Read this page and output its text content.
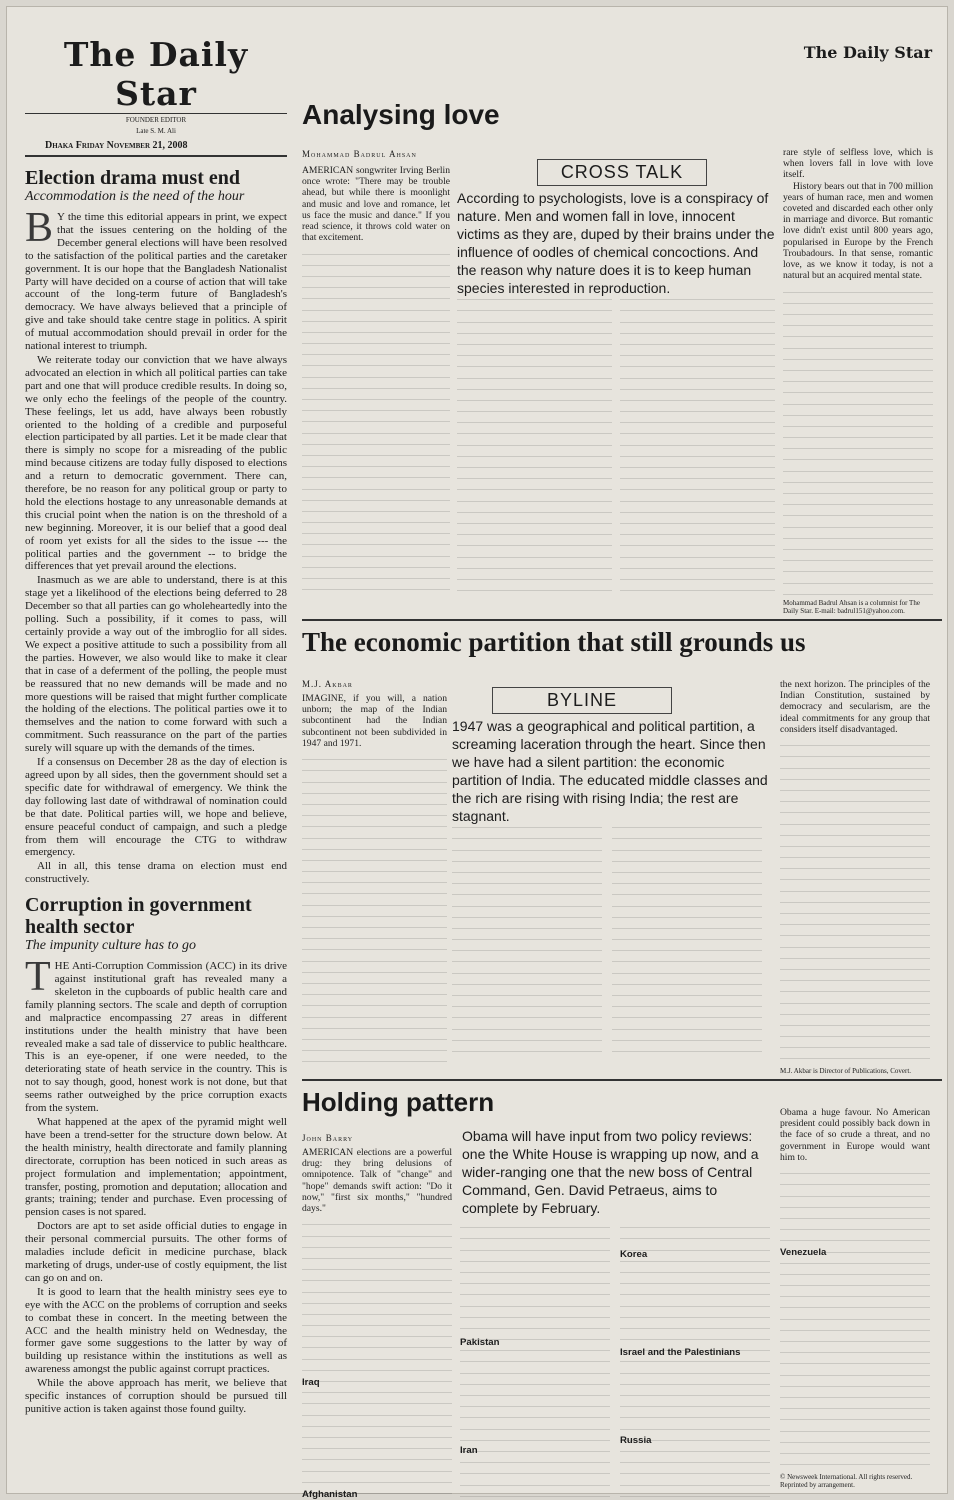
The Daily Star
FOUNDER EDITOR
Late S. M. Ali
Dhaka Friday November 21, 2008
Election drama must end
Accommodation is the need of the hour

B Y the time this editorial appears in print, we expect that the issues centering on the holding of the December general elections will have been resolved to the satisfaction of the political parties and the caretaker government. It is our hope that the Bangladesh Nationalist Party will have decided on a course of action that will take account of the long-term future of Bangladesh's democracy. We have always believed that a principle of give and take should take centre stage in politics. A spirit of mutual accommodation should prevail in order for the national interest to triumph.

We reiterate today our conviction that we have always advocated an election in which all political parties can take part and one that will produce credible results. In doing so, we only echo the feelings of the people of the country. These feelings, let us add, have always been robustly oriented to the holding of a credible and purposeful election participated by all parties. Let it be made clear that there is simply no scope for a misreading of the public mind because citizens are today fully disposed to elections and a return to democratic government. There can, therefore, be no reason for any political group or party to hold the elections hostage to any unreasonable demands at this crucial point when the nation is on the threshold of a new beginning. Moreover, it is our belief that a good deal of room yet exists for all the sides to the issue --- the political parties and the government -- to bridge the differences that yet prevail around the elections.

Inasmuch as we are able to understand, there is at this stage yet a likelihood of the elections being deferred to 28 December so that all parties can go wholeheartedly into the polling. Such a possibility, if it comes to pass, will certainly provide a way out of the imbroglio for all sides. We expect a positive attitude to such a possibility from all the parties. However, we also would like to make it clear that in case of a deferment of the polling, the people must be reassured that no new demands will be made and no more questions will be raised that might further complicate the holding of the elections. The political parties owe it to themselves and the nation to come forward with such a commitment. Such reassurance on the part of the parties surely will square up with the demands of the times.

If a consensus on December 28 as the day of election is agreed upon by all sides, then the government should set a specific date for withdrawal of emergency. We think the day following last date of withdrawal of nomination could be that date. Political parties will, we hope and believe, ensure peaceful conduct of campaign, and such a pledge from them will encourage the CTG to withdraw emergency.

All in all, this tense drama on election must end constructively.

Corruption in government health sector
The impunity culture has to go

THE Anti-Corruption Commission (ACC) in its drive against institutional graft has revealed many a skeleton in the cupboards of public health care and family planning sectors. The scale and depth of corruption and malpractice encompassing 27 areas in different institutions under the health ministry that have been revealed make a sad tale of disservice to public healthcare. This is an eye-opener, if one were needed, to the deteriorating state of heath service in the country. This is not to say though, good, honest work is not done, but that seems rather outweighed by the price corruption exacts from the system.

What happened at the apex of the pyramid might well have been a trend-setter for the structure down below. At the health ministry, health directorate and family planning directorate, corruption has been noticed in such areas as project formulation and implementation; appointment, transfer, posting, promotion and deputation; allocation and grants; training; tender and purchase. Even processing of pension cases is not spared.

Doctors are apt to set aside official duties to engage in their personal commercial pursuits. The other forms of maladies include deficit in medicine purchase, black marketing of drugs, under-use of costly equipment, the list can go on and on.

It is good to learn that the health ministry sees eye to eye with the ACC on the problems of corruption and seeks to combat these in concert. In the meeting between the ACC and the health ministry held on Wednesday, the former gave some suggestions to the latter by way of building up resistance within the institutions as well as awareness amongst the public against corrupt practices.

While the above approach has merit, we believe that specific instances of corruption should be pursued till punitive action is taken against those found guilty.

The Daily Star
Analysing love
Mohammad Badrul Ahsan
CROSS TALK
According to psychologists, love is a conspiracy of nature. Men and women fall in love, innocent victims as they are, duped by their brains under the influence of oodles of chemical concoctions. And the reason why nature does it is to keep human species interested in reproduction.
AMERICAN songwriter Irving Berlin once wrote: "There may be trouble ahead, but while there is moonlight and music and love and romance, let us face the music and dance." If you read science, it throws cold water on that excitement.
rare style of selfless love, which is when lovers fall in love with love itself.
History bears out that in 700 million years of human race, men and women coveted and discarded each other only in marriage and divorce. But romantic love didn't exist until 800 years ago, popularised in Europe by the French Troubadours. In that sense, romantic love, as we know it today, is not a natural but an acquired mental state.
Mohammad Badrul Ahsan is a columnist for The Daily Star. E-mail: badrul151@yahoo.com.
The economic partition that still grounds us
M.J. Akbar
BYLINE
1947 was a geographical and political partition, a screaming laceration through the heart. Since then we have had a silent partition: the economic partition of India. The educated middle classes and the rich are rising with rising India; the rest are stagnant.
IMAGINE, if you will, a nation unborn; the map of the Indian subcontinent had the Indian subcontinent not been subdivided in 1947 and 1971.
the next horizon. The principles of the Indian Constitution, sustained by democracy and secularism, are the ideal commitments for any group that considers itself disadvantaged.
M.J. Akbar is Director of Publications, Covert.
Holding pattern
John Barry	Obama will have input from two policy reviews: one the White House is wrapping up now, and a wider-ranging one that the new boss of Central Command, Gen. David Petraeus, aims to complete by February.
AMERICAN elections are a powerful drug: they bring delusions of omnipotence. Talk of "change" and "hope" demands swift action: "Do it now," "first six months," "hundred days."
Iraq
Afghanistan
Pakistan
Iran
Korea
Israel and the Palestinians
Russia
Obama a huge favour. No American president could possibly back down in the face of so crude a threat, and no government in Europe would want him to.
Venezuela
© Newsweek International. All rights reserved. Reprinted by arrangement.
